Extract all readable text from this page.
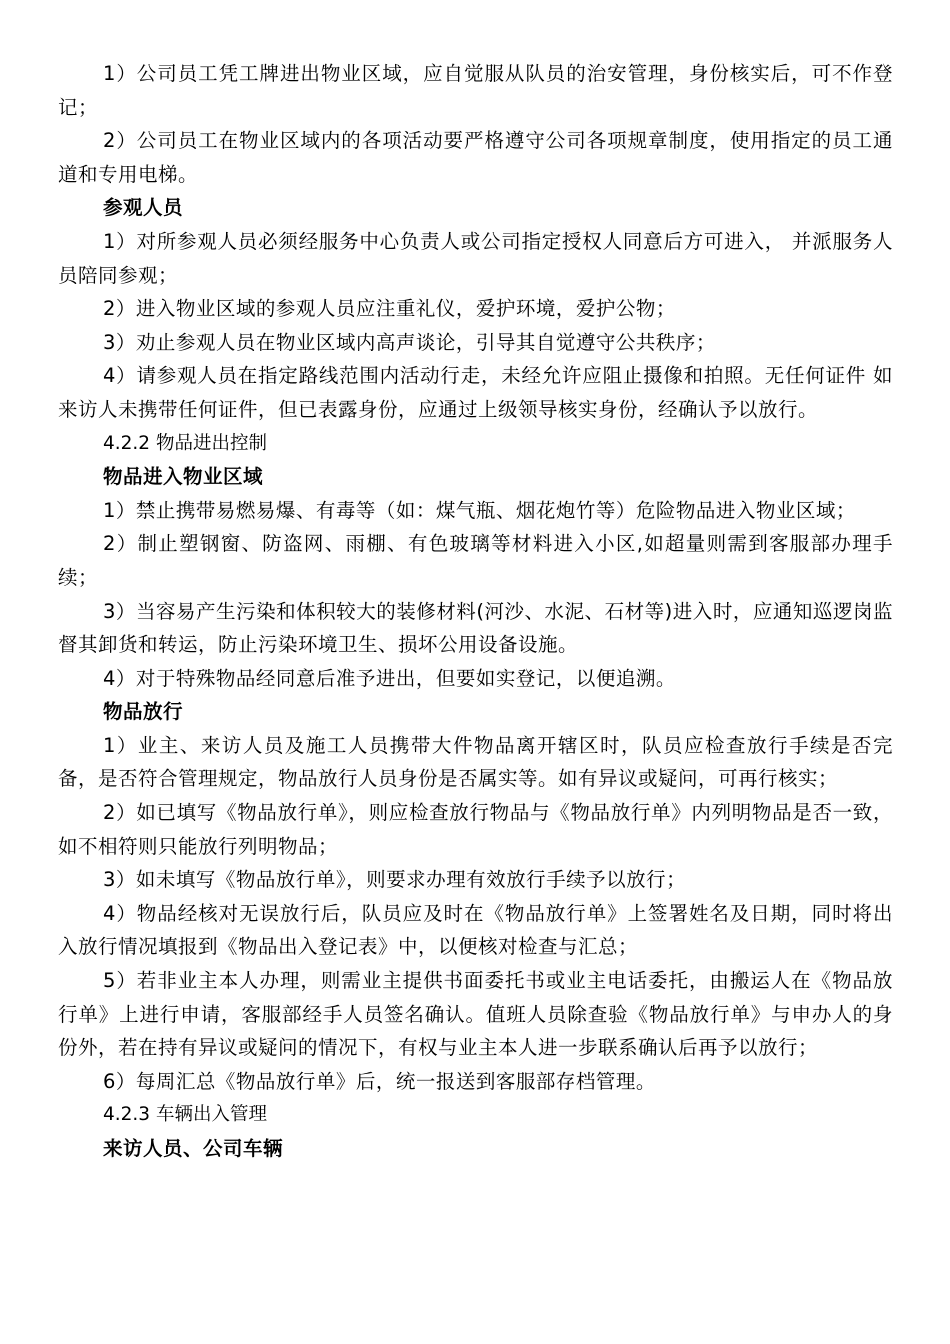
1）公司员工凭工牌进出物业区域，应自觉服从队员的治安管理，身份核实后，可不作登记；

2）公司员工在物业区域内的各项活动要严格遵守公司各项规章制度，使用指定的员工通道和专用电梯。

参观人员

1）对所参观人员必须经服务中心负责人或公司指定授权人同意后方可进入， 并派服务人员陪同参观；

2）进入物业区域的参观人员应注重礼仪，爱护环境，爱护公物；

3）劝止参观人员在物业区域内高声谈论，引导其自觉遵守公共秩序；

4）请参观人员在指定路线范围内活动行走，未经允许应阻止摄像和拍照。无任何证件 如来访人未携带任何证件，但已表露身份，应通过上级领导核实身份，经确认予以放行。

4.2.2 物品进出控制

物品进入物业区域

1）禁止携带易燃易爆、有毒等（如：煤气瓶、烟花炮竹等）危险物品进入物业区域；

2）制止塑钢窗、防盗网、雨棚、有色玻璃等材料进入小区,如超量则需到客服部办理手续；

3）当容易产生污染和体积较大的装修材料(河沙、水泥、石材等)进入时，应通知巡逻岗监督其卸货和转运，防止污染环境卫生、损坏公用设备设施。

4）对于特殊物品经同意后准予进出，但要如实登记，以便追溯。

物品放行

1）业主、来访人员及施工人员携带大件物品离开辖区时，队员应检查放行手续是否完备，是否符合管理规定，物品放行人员身份是否属实等。如有异议或疑问，可再行核实；

2）如已填写《物品放行单》，则应检查放行物品与《物品放行单》内列明物品是否一致，如不相符则只能放行列明物品；

3）如未填写《物品放行单》，则要求办理有效放行手续予以放行；

4）物品经核对无误放行后，队员应及时在《物品放行单》上签署姓名及日期，同时将出入放行情况填报到《物品出入登记表》中，以便核对检查与汇总；

5）若非业主本人办理，则需业主提供书面委托书或业主电话委托，由搬运人在《物品放行单》上进行申请，客服部经手人员签名确认。值班人员除查验《物品放行单》与申办人的身份外，若在持有异议或疑问的情况下，有权与业主本人进一步联系确认后再予以放行；

6）每周汇总《物品放行单》后，统一报送到客服部存档管理。

4.2.3 车辆出入管理

来访人员、公司车辆
